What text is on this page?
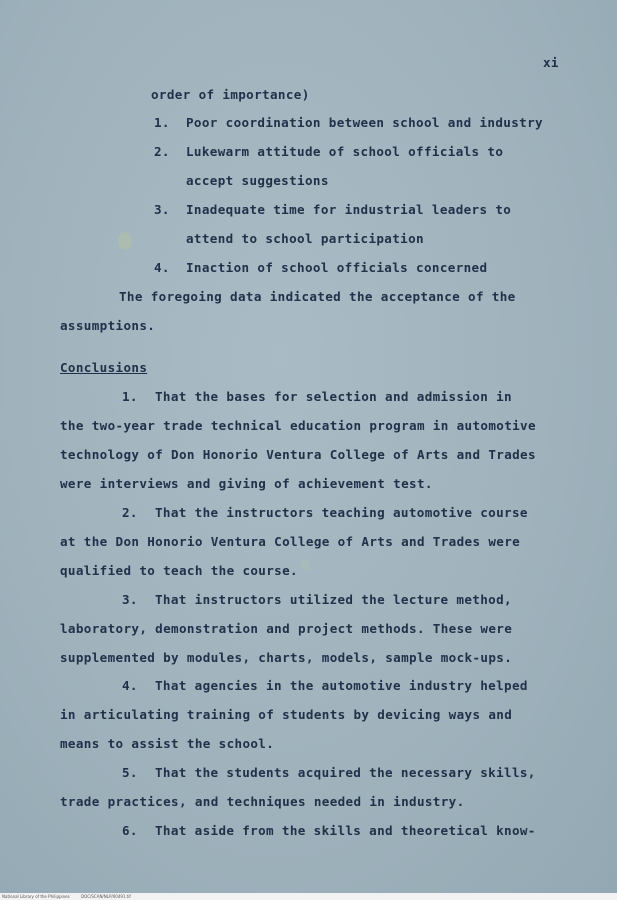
xi
order of importance)
1. Poor coordination between school and industry
2. Lukewarm attitude of school officials to
accept suggestions
3. Inadequate time for industrial leaders to
attend to school participation
4. Inaction of school officials concerned
The foregoing data indicated the acceptance of the
assumptions.
Conclusions
1. That the bases for selection and admission in
the two-year trade technical education program in automotive
technology of Don Honorio Ventura College of Arts and Trades
were interviews and giving of achievement test.
2. That the instructors teaching automotive course
at the Don Honorio Ventura College of Arts and Trades were
qualified to teach the course.
3. That instructors utilized the lecture method,
laboratory, demonstration and project methods. These were
supplemented by modules, charts, models, sample mock-ups.
4. That agencies in the automotive industry helped
in articulating training of students by devicing ways and
means to assist the school.
5. That the students acquired the necessary skills,
trade practices, and techniques needed in industry.
6. That aside from the skills and theoretical know-
National Library of the Philippines	DOC/SCAN/NLP/00491.tif
